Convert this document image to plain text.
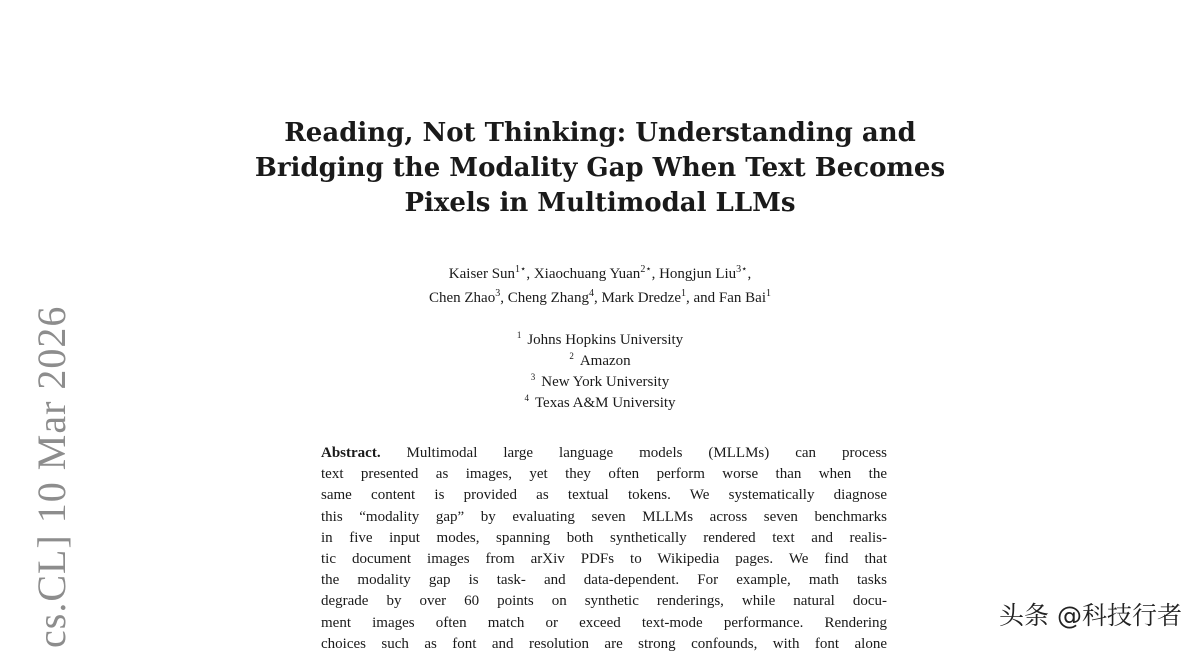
cs.CL] 10 Mar 2026
Reading, Not Thinking: Understanding and
Bridging the Modality Gap When Text Becomes
Pixels in Multimodal LLMs
Kaiser Sun$^{1⋆}$, Xiaochuang Yuan$^{2⋆}$, Hongjun Liu$^{3⋆}$,
Chen Zhao$^3$, Cheng Zhang$^4$, Mark Dredze$^1$, and Fan Bai$^1$
$^1$ Johns Hopkins University
$^2$ Amazon
$^3$ New York University
$^4$ Texas A&M University
Abstract. Multimodal large language models (MLLMs) can process
text presented as images, yet they often perform worse than when the
same content is provided as textual tokens. We systematically diagnose
this “modality gap” by evaluating seven MLLMs across seven benchmarks
in five input modes, spanning both synthetically rendered text and realis-
tic document images from arXiv PDFs to Wikipedia pages. We find that
the modality gap is task- and data-dependent. For example, math tasks
degrade by over 60 points on synthetic renderings, while natural docu-
ment images often match or exceed text-mode performance. Rendering
choices such as font and resolution are strong confounds, with font alone
头条 @科技行者
